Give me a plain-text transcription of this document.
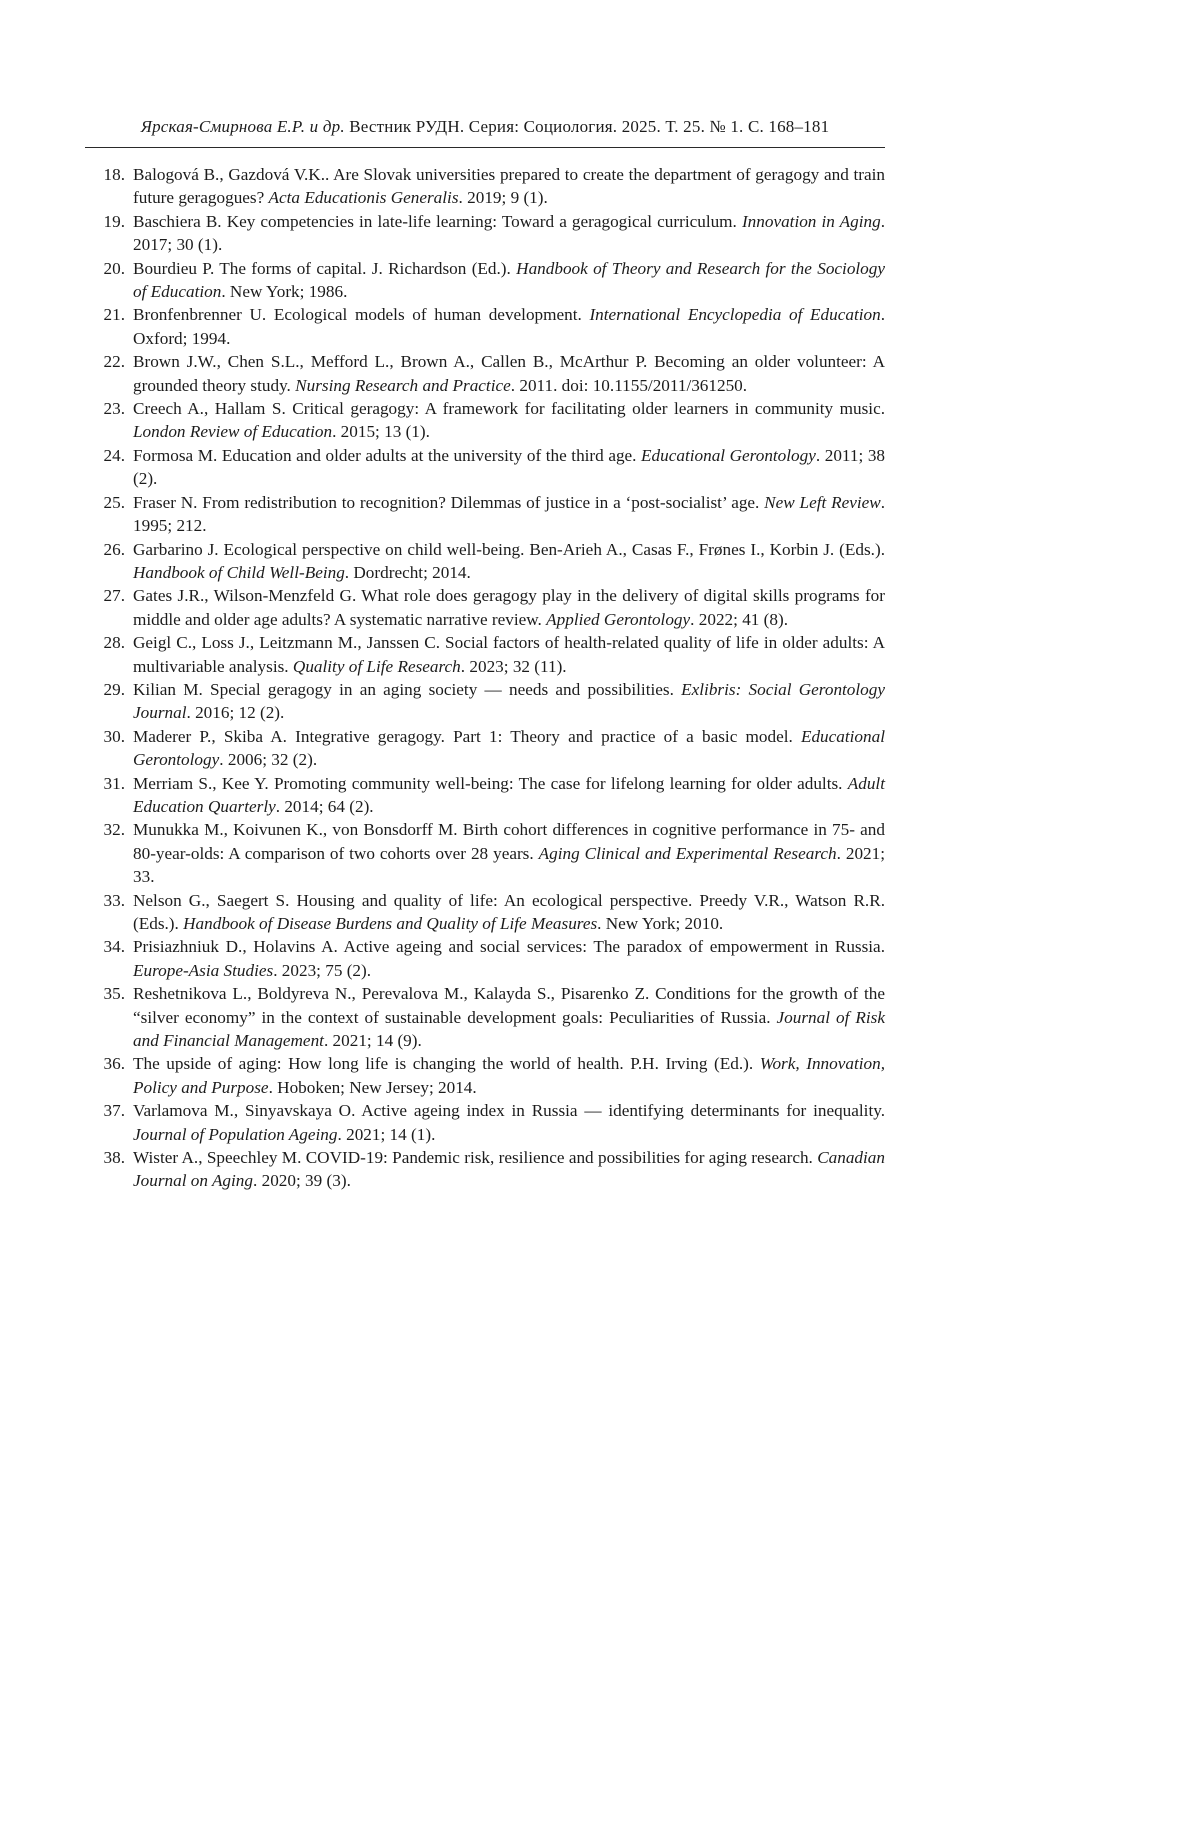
Ярская-Смирнова Е.Р. и др. Вестник РУДН. Серия: Социология. 2025. Т. 25. № 1. С. 168–181
18. Balogová B., Gazdová V.K.. Are Slovak universities prepared to create the department of geragogy and train future geragogues? Acta Educationis Generalis. 2019; 9 (1).
19. Baschiera B. Key competencies in late-life learning: Toward a geragogical curriculum. Innovation in Aging. 2017; 30 (1).
20. Bourdieu P. The forms of capital. J. Richardson (Ed.). Handbook of Theory and Research for the Sociology of Education. New York; 1986.
21. Bronfenbrenner U. Ecological models of human development. International Encyclopedia of Education. Oxford; 1994.
22. Brown J.W., Chen S.L., Mefford L., Brown A., Callen B., McArthur P. Becoming an older volunteer: A grounded theory study. Nursing Research and Practice. 2011. doi: 10.1155/2011/361250.
23. Creech A., Hallam S. Critical geragogy: A framework for facilitating older learners in community music. London Review of Education. 2015; 13 (1).
24. Formosa M. Education and older adults at the university of the third age. Educational Gerontology. 2011; 38 (2).
25. Fraser N. From redistribution to recognition? Dilemmas of justice in a ‘post-socialist’ age. New Left Review. 1995; 212.
26. Garbarino J. Ecological perspective on child well-being. Ben-Arieh A., Casas F., Frønes I., Korbin J. (Eds.). Handbook of Child Well-Being. Dordrecht; 2014.
27. Gates J.R., Wilson-Menzfeld G. What role does geragogy play in the delivery of digital skills programs for middle and older age adults? A systematic narrative review. Applied Gerontology. 2022; 41 (8).
28. Geigl C., Loss J., Leitzmann M., Janssen C. Social factors of health-related quality of life in older adults: A multivariable analysis. Quality of Life Research. 2023; 32 (11).
29. Kilian M. Special geragogy in an aging society — needs and possibilities. Exlibris: Social Gerontology Journal. 2016; 12 (2).
30. Maderer P., Skiba A. Integrative geragogy. Part 1: Theory and practice of a basic model. Educational Gerontology. 2006; 32 (2).
31. Merriam S., Kee Y. Promoting community well-being: The case for lifelong learning for older adults. Adult Education Quarterly. 2014; 64 (2).
32. Munukka M., Koivunen K., von Bonsdorff M. Birth cohort differences in cognitive performance in 75- and 80-year-olds: A comparison of two cohorts over 28 years. Aging Clinical and Experimental Research. 2021; 33.
33. Nelson G., Saegert S. Housing and quality of life: An ecological perspective. Preedy V.R., Watson R.R. (Eds.). Handbook of Disease Burdens and Quality of Life Measures. New York; 2010.
34. Prisiazhniuk D., Holavins A. Active ageing and social services: The paradox of empowerment in Russia. Europe-Asia Studies. 2023; 75 (2).
35. Reshetnikova L., Boldyreva N., Perevalova M., Kalayda S., Pisarenko Z. Conditions for the growth of the “silver economy” in the context of sustainable development goals: Peculiarities of Russia. Journal of Risk and Financial Management. 2021; 14 (9).
36. The upside of aging: How long life is changing the world of health. P.H. Irving (Ed.). Work, Innovation, Policy and Purpose. Hoboken; New Jersey; 2014.
37. Varlamova M., Sinyavskaya O. Active ageing index in Russia — identifying determinants for inequality. Journal of Population Ageing. 2021; 14 (1).
38. Wister A., Speechley M. COVID-19: Pandemic risk, resilience and possibilities for aging research. Canadian Journal on Aging. 2020; 39 (3).
